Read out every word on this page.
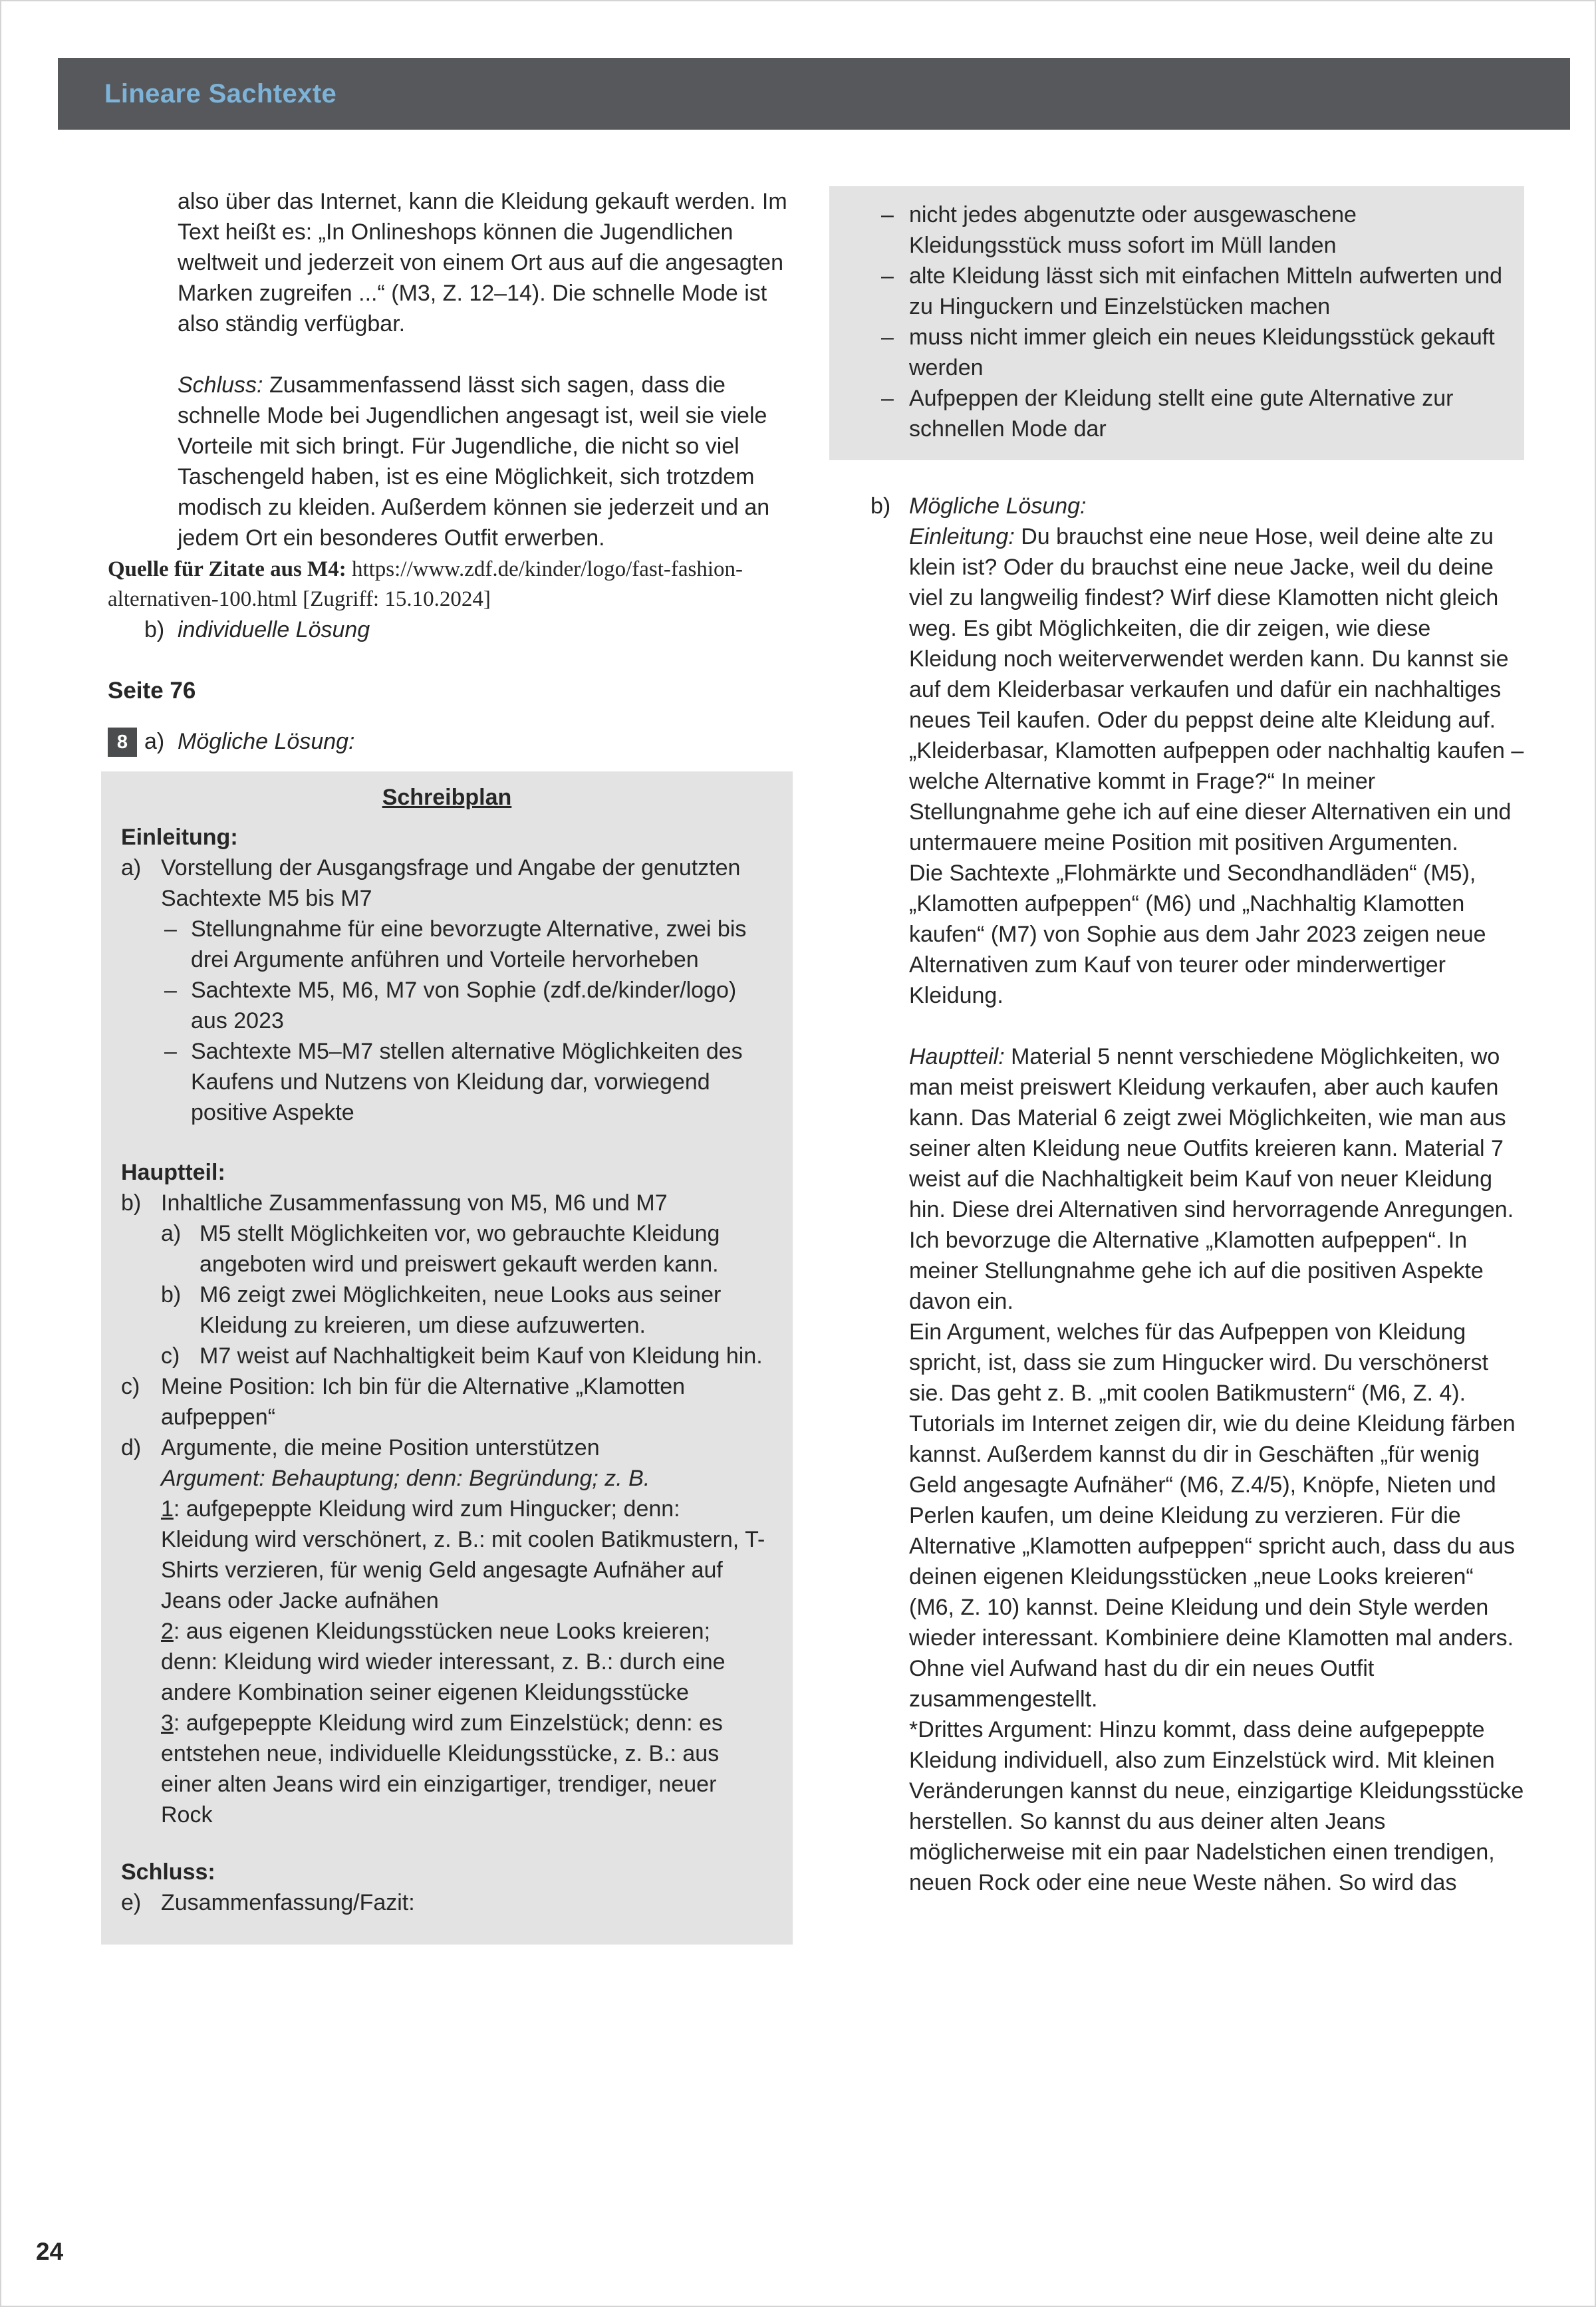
Lineare Sachtexte

also über das Internet, kann die Kleidung gekauft werden. Im Text heißt es: „In Onlineshops können die Jugendlichen weltweit und jederzeit von einem Ort aus auf die angesagten Marken zugreifen ...“ (M3, Z. 12–14). Die schnelle Mode ist also ständig verfügbar.

Schluss: Zusammenfassend lässt sich sagen, dass die schnelle Mode bei Jugendlichen angesagt ist, weil sie viele Vorteile mit sich bringt. Für Jugendliche, die nicht so viel Taschengeld haben, ist es eine Möglichkeit, sich trotzdem modisch zu kleiden. Außerdem können sie jederzeit und an jedem Ort ein besonderes Outfit erwerben.

Quelle für Zitate aus M4: https://www.zdf.de/kinder/logo/fast-fashion-alternativen-100.html [Zugriff: 15.10.2024]

b) individuelle Lösung
Seite 76
8 a) Mögliche Lösung:
Schreibplan
Einleitung:
a) Vorstellung der Ausgangsfrage und Angabe der genutzten Sachtexte M5 bis M7
– Stellungnahme für eine bevorzugte Alternative, zwei bis drei Argumente anführen und Vorteile hervorheben
– Sachtexte M5, M6, M7 von Sophie (zdf.de/kinder/logo) aus 2023
– Sachtexte M5–M7 stellen alternative Möglichkeiten des Kaufens und Nutzens von Kleidung dar, vorwiegend positive Aspekte
Hauptteil:
b) Inhaltliche Zusammenfassung von M5, M6 und M7
a) M5 stellt Möglichkeiten vor, wo gebrauchte Kleidung angeboten wird und preiswert gekauft werden kann.
b) M6 zeigt zwei Möglichkeiten, neue Looks aus seiner Kleidung zu kreieren, um diese aufzuwerten.
c) M7 weist auf Nachhaltigkeit beim Kauf von Kleidung hin.
c) Meine Position: Ich bin für die Alternative „Klamotten aufpeppen“
d) Argumente, die meine Position unterstützen
Argument: Behauptung; denn: Begründung; z. B.
1: aufgepeppte Kleidung wird zum Hingucker; denn: Kleidung wird verschönert, z. B.: mit coolen Batikmustern, T-Shirts verzieren, für wenig Geld angesagte Aufnäher auf Jeans oder Jacke aufnähen
2: aus eigenen Kleidungsstücken neue Looks kreieren; denn: Kleidung wird wieder interessant, z. B.: durch eine andere Kombination seiner eigenen Kleidungsstücke
3: aufgepeppte Kleidung wird zum Einzelstück; denn: es entstehen neue, individuelle Kleidungsstücke, z. B.: aus einer alten Jeans wird ein einzigartiger, trendiger, neuer Rock
Schluss:
e) Zusammenfassung/Fazit:
– nicht jedes abgenutzte oder ausgewaschene Kleidungsstück muss sofort im Müll landen
– alte Kleidung lässt sich mit einfachen Mitteln aufwerten und zu Hinguckern und Einzelstücken machen
– muss nicht immer gleich ein neues Kleidungsstück gekauft werden
– Aufpeppen der Kleidung stellt eine gute Alternative zur schnellen Mode dar
b) Mögliche Lösung:

Einleitung: Du brauchst eine neue Hose, weil deine alte zu klein ist? Oder du brauchst eine neue Jacke, weil du deine viel zu langweilig findest? Wirf diese Klamotten nicht gleich weg. Es gibt Möglichkeiten, die dir zeigen, wie diese Kleidung noch weiterverwendet werden kann. Du kannst sie auf dem Kleiderbasar verkaufen und dafür ein nachhaltiges neues Teil kaufen. Oder du peppst deine alte Kleidung auf.

„Kleiderbasar, Klamotten aufpeppen oder nachhaltig kaufen – welche Alternative kommt in Frage?“ In meiner Stellungnahme gehe ich auf eine dieser Alternativen ein und untermauere meine Position mit positiven Argumenten.

Die Sachtexte „Flohmärkte und Secondhandläden“ (M5), „Klamotten aufpeppen“ (M6) und „Nachhaltig Klamotten kaufen“ (M7) von Sophie aus dem Jahr 2023 zeigen neue Alternativen zum Kauf von teurer oder minderwertiger Kleidung.

Hauptteil: Material 5 nennt verschiedene Möglichkeiten, wo man meist preiswert Kleidung verkaufen, aber auch kaufen kann. Das Material 6 zeigt zwei Möglichkeiten, wie man aus seiner alten Kleidung neue Outfits kreieren kann. Material 7 weist auf die Nachhaltigkeit beim Kauf von neuer Kleidung hin. Diese drei Alternativen sind hervorragende Anregungen. Ich bevorzuge die Alternative „Klamotten aufpeppen“. In meiner Stellungnahme gehe ich auf die positiven Aspekte davon ein.

Ein Argument, welches für das Aufpeppen von Kleidung spricht, ist, dass sie zum Hingucker wird. Du verschönerst sie. Das geht z. B. „mit coolen Batikmustern“ (M6, Z. 4). Tutorials im Internet zeigen dir, wie du deine Kleidung färben kannst. Außerdem kannst du dir in Geschäften „für wenig Geld angesagte Aufnäher“ (M6, Z.4/5), Knöpfe, Nieten und Perlen kaufen, um deine Kleidung zu verzieren. Für die Alternative „Klamotten aufpeppen“ spricht auch, dass du aus deinen eigenen Kleidungsstücken „neue Looks kreieren“ (M6, Z. 10) kannst. Deine Kleidung und dein Style werden wieder interessant. Kombiniere deine Klamotten mal anders. Ohne viel Aufwand hast du dir ein neues Outfit zusammengestellt.

*Drittes Argument: Hinzu kommt, dass deine aufgepeppte Kleidung individuell, also zum Einzelstück wird. Mit kleinen Veränderungen kannst du neue, einzigartige Kleidungsstücke herstellen. So kannst du aus deiner alten Jeans möglicherweise mit ein paar Nadelstichen einen trendigen, neuen Rock oder eine neue Weste nähen. So wird das

24
